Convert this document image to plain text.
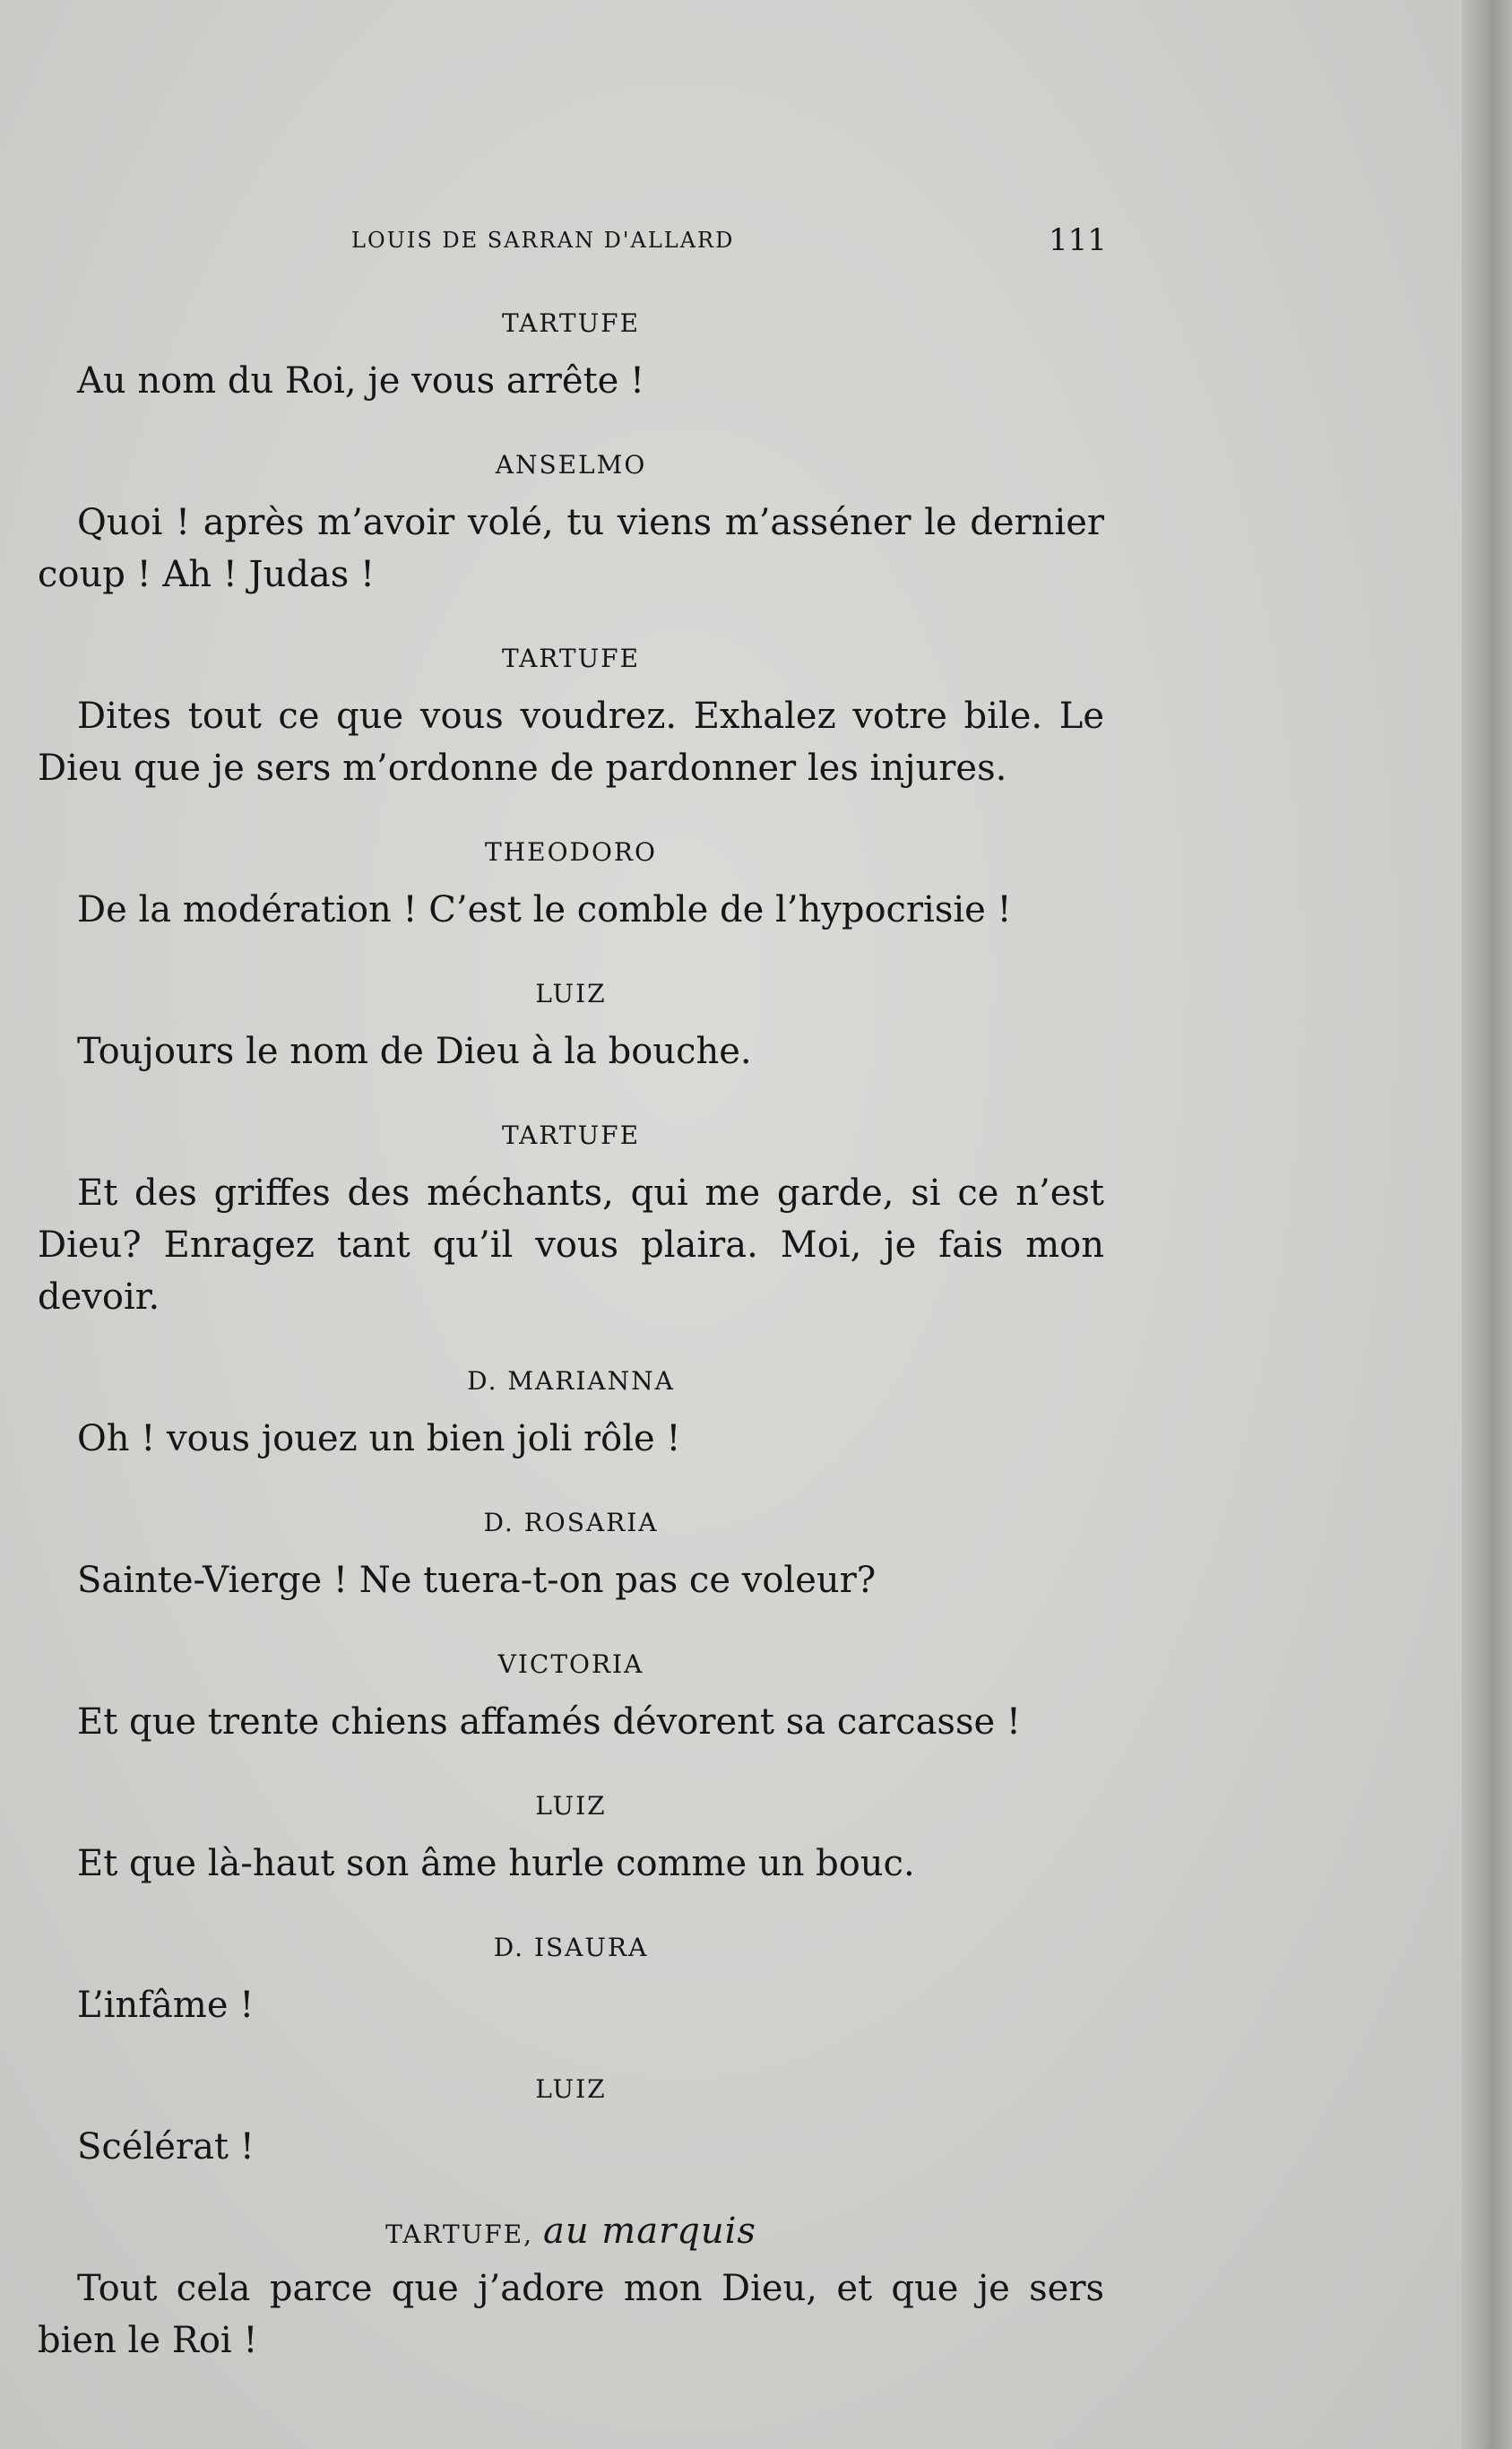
LOUIS DE SARRAN D'ALLARD	111
TARTUFE

Au nom du Roi, je vous arrête !

ANSELMO

Quoi ! après m’avoir volé, tu viens m’asséner le dernier coup ! Ah ! Judas !

TARTUFE

Dites tout ce que vous voudrez. Exhalez votre bile. Le Dieu que je sers m’ordonne de pardonner les injures.

THEODORO

De la modération ! C’est le comble de l’hypocrisie !

LUIZ

Toujours le nom de Dieu à la bouche.

TARTUFE

Et des griffes des méchants, qui me garde, si ce n’est Dieu? Enragez tant qu’il vous plaira. Moi, je fais mon devoir.

D. MARIANNA

Oh ! vous jouez un bien joli rôle !

D. ROSARIA

Sainte-Vierge ! Ne tuera-t-on pas ce voleur?

VICTORIA

Et que trente chiens affamés dévorent sa carcasse !

LUIZ

Et que là-haut son âme hurle comme un bouc.

D. ISAURA

L’infâme !

LUIZ

Scélérat !

TARTUFE, au marquis

Tout cela parce que j’adore mon Dieu, et que je sers bien le Roi !
